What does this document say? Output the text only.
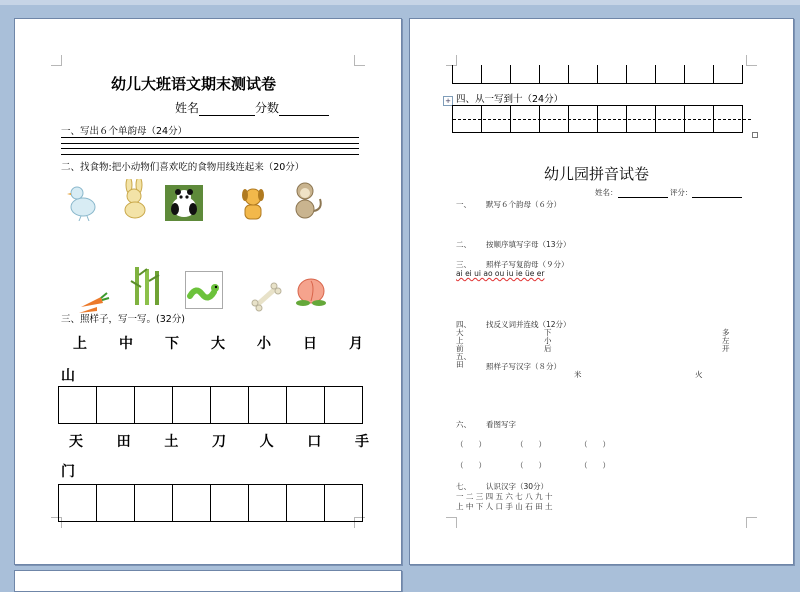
幼儿大班语文期末测试卷
姓名	分数
一、写出６个单韵母（24分）
二、找食物:把小动物们喜欢吃的食物用线连起来（20分）
三、照样子，写一写。(32分)
上 中 下 大 小 日 月
山

天 田 土 刀 人 口 手
门

+ 四、从一写到十（24分）

幼儿园拼音试卷
姓名：	评分：
一、 默写６个韵母（６分）
二、 按顺序填写字母（13分）
三、 照样子写复韵母（９分）
ai ei ui ao ou iu ie üe er
四、 找反义词并连线（12分）
大
上
前
五、
田	照样子写汉字（８分）
下
小
后
多
左
开
米	火
六、 看图写字
（　　）	（　　）	（　　）
（　　）	（　　）	（　　）
七、 认识汉字（30分）
一 二 三 四 五 六 七 八 九 十
上 中 下 人 口 手 山 石 田 土
